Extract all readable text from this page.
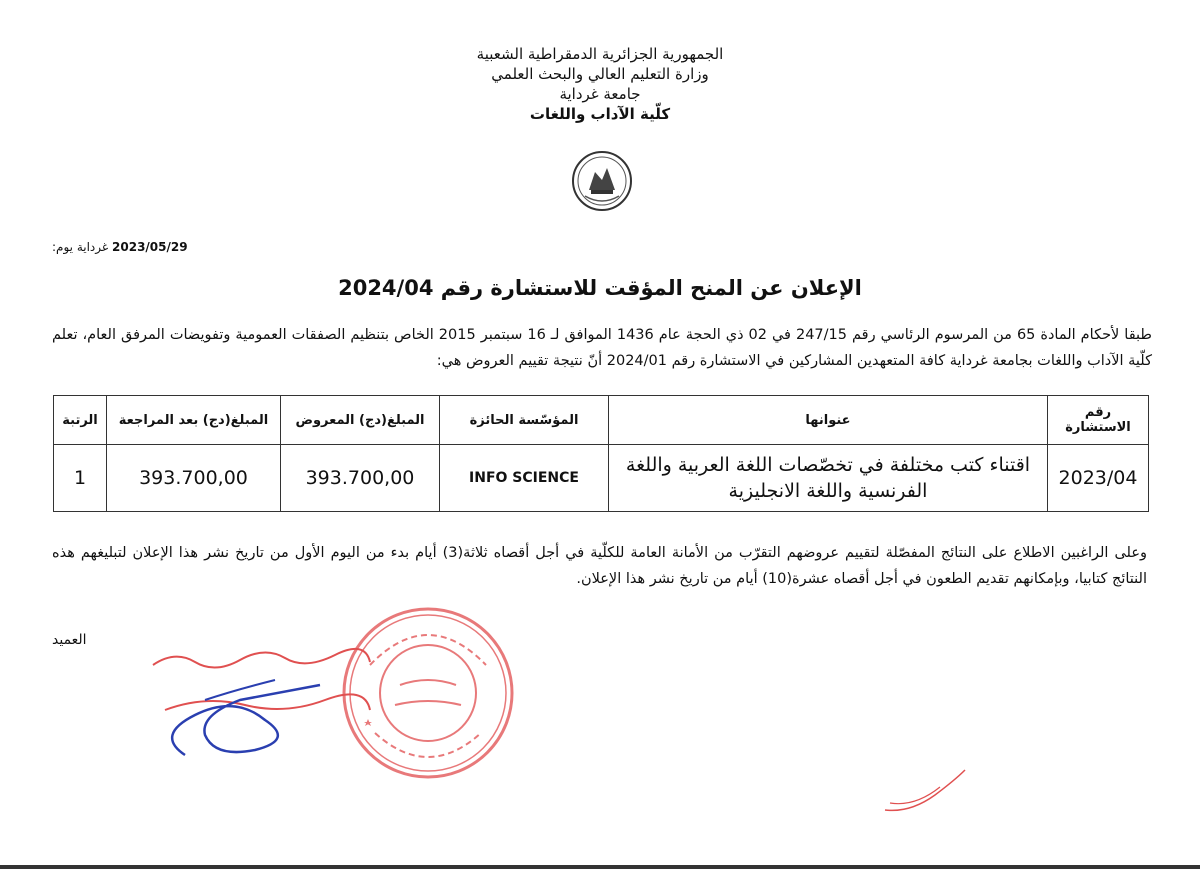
الجمهورية الجزائرية الدمقراطية الشعبية
وزارة التعليم العالي والبحث العلمي
جامعة غرداية
كلّية الآداب واللغات
2023/05/29 غرداية يوم:
الإعلان عن المنح المؤقت للاستشارة رقم 2024/04
طبقا لأحكام المادة 65 من المرسوم الرئاسي رقم 247/15 في 02 ذي الحجة عام 1436 الموافق لـ 16 سبتمبر 2015 الخاص بتنظيم الصفقات العمومية وتفويضات المرفق العام، تعلم كلّية الآداب واللغات بجامعة غرداية كافة المتعهدين المشاركين في الاستشارة رقم 2024/01 أنّ نتيجة تقييم العروض هي:
رقم الاستشارة	عنوانها	المؤسّسة الحائزة	المبلغ(دج) المعروض	المبلغ(دج) بعد المراجعة	الرتبة
2023/04	اقتناء كتب مختلفة في تخصّصات اللغة العربية واللغة الفرنسية واللغة الانجليزية	INFO SCIENCE	393.700,00	393.700,00	1
وعلى الراغبين الاطلاع على النتائج المفصّلة لتقييم عروضهم التقرّب من الأمانة العامة للكلّية في أجل أقصاه ثلاثة(3) أيام بدء من اليوم الأول من تاريخ نشر هذا الإعلان لتبليغهم هذه النتائج كتابيا، وبإمكانهم تقديم الطعون في أجل أقصاه عشرة(10) أيام من تاريخ نشر هذا الإعلان.
العميد
